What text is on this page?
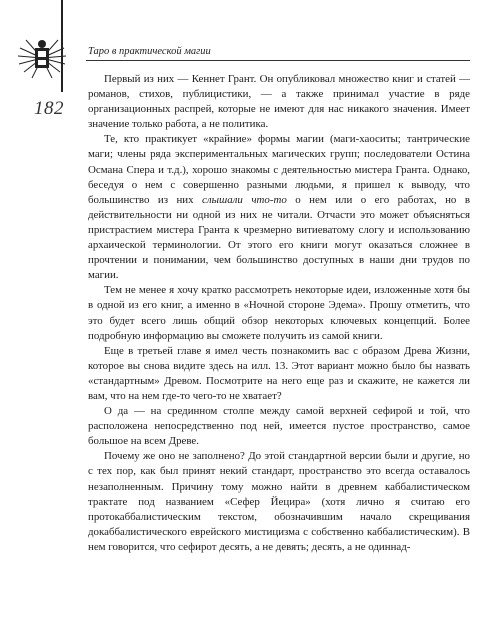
Таро в практической магии
182

Первый из них — Кеннет Грант. Он опубликовал множество книг и статей — романов, стихов, публицистики, — а также принимал участие в ряде организационных распрей, которые не имеют для нас никакого значения. Имеет значение только работа, а не политика.

Те, кто практикует «крайние» формы магии (маги-хаоситы; тантрические маги; члены ряда экспериментальных магических групп; последователи Остина Османа Спера и т.д.), хорошо знакомы с деятельностью мистера Гранта. Однако, беседуя о нем с совершенно разными людьми, я пришел к выводу, что большинство из них слышали что-то о нем или о его работах, но в действительности ни одной из них не читали. Отчасти это может объясняться пристрастием мистера Гранта к чрезмерно витиеватому слогу и использованию архаической терминологии. От этого его книги могут оказаться сложнее в прочтении и понимании, чем большинство доступных в наши дни трудов по магии.

Тем не менее я хочу кратко рассмотреть некоторые идеи, изложенные хотя бы в одной из его книг, а именно в «Ночной стороне Эдема». Прошу отметить, что это будет всего лишь общий обзор некоторых ключевых концепций. Более подробную информацию вы сможете получить из самой книги.

Еще в третьей главе я имел честь познакомить вас с образом Древа Жизни, которое вы снова видите здесь на илл. 13. Этот вариант можно было бы назвать «стандартным» Древом. Посмотрите на него еще раз и скажите, не кажется ли вам, что на нем где-то чего-то не хватает?

О да — на срединном столпе между самой верхней сефирой и той, что расположена непосредственно под ней, имеется пустое пространство, самое большое на всем Древе.

Почему же оно не заполнено? До этой стандартной версии были и другие, но с тех пор, как был принят некий стандарт, пространство это всегда оставалось незаполненным. Причину тому можно найти в древнем каббалистическом трактате под названием «Сефер Йецира» (хотя лично я считаю его протокаббалистическим текстом, обозначившим начало скрещивания докаббалистического еврейского мистицизма с собственно каббалистическим). В нем говорится, что сефирот десять, а не девять; десять, а не одиннад-
